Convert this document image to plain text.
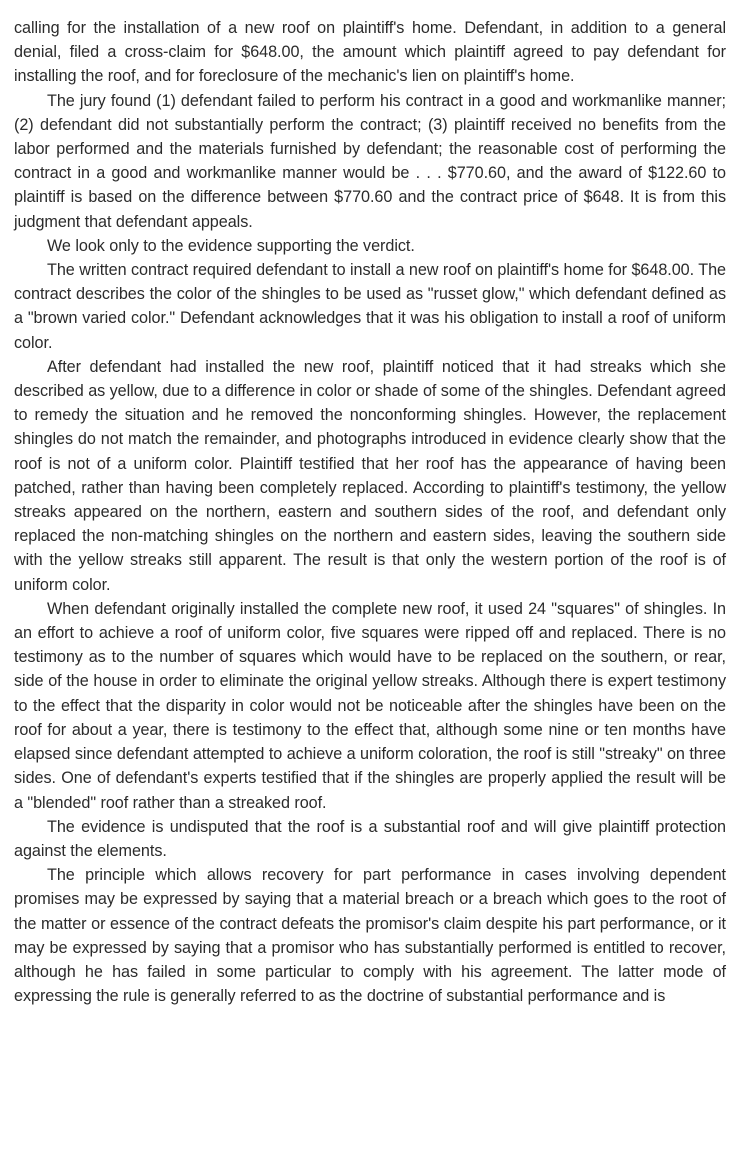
calling for the installation of a new roof on plaintiff's home. Defendant, in addition to a general denial, filed a cross-claim for $648.00, the amount which plaintiff agreed to pay defendant for installing the roof, and for foreclosure of the mechanic's lien on plaintiff's home.

The jury found (1) defendant failed to perform his contract in a good and workmanlike manner; (2) defendant did not substantially perform the contract; (3) plaintiff received no benefits from the labor performed and the materials furnished by defendant; the reasonable cost of performing the contract in a good and workmanlike manner would be . . . $770.60, and the award of $122.60 to plaintiff is based on the difference between $770.60 and the contract price of $648. It is from this judgment that defendant appeals.

We look only to the evidence supporting the verdict.

The written contract required defendant to install a new roof on plaintiff's home for $648.00. The contract describes the color of the shingles to be used as "russet glow," which defendant defined as a "brown varied color." Defendant acknowledges that it was his obligation to install a roof of uniform color.

After defendant had installed the new roof, plaintiff noticed that it had streaks which she described as yellow, due to a difference in color or shade of some of the shingles. Defendant agreed to remedy the situation and he removed the nonconforming shingles. However, the replacement shingles do not match the remainder, and photographs introduced in evidence clearly show that the roof is not of a uniform color. Plaintiff testified that her roof has the appearance of having been patched, rather than having been completely replaced. According to plaintiff's testimony, the yellow streaks appeared on the northern, eastern and southern sides of the roof, and defendant only replaced the non-matching shingles on the northern and eastern sides, leaving the southern side with the yellow streaks still apparent. The result is that only the western portion of the roof is of uniform color.

When defendant originally installed the complete new roof, it used 24 "squares" of shingles. In an effort to achieve a roof of uniform color, five squares were ripped off and replaced. There is no testimony as to the number of squares which would have to be replaced on the southern, or rear, side of the house in order to eliminate the original yellow streaks. Although there is expert testimony to the effect that the disparity in color would not be noticeable after the shingles have been on the roof for about a year, there is testimony to the effect that, although some nine or ten months have elapsed since defendant attempted to achieve a uniform coloration, the roof is still "streaky" on three sides. One of defendant's experts testified that if the shingles are properly applied the result will be a "blended" roof rather than a streaked roof.

The evidence is undisputed that the roof is a substantial roof and will give plaintiff protection against the elements.

The principle which allows recovery for part performance in cases involving dependent promises may be expressed by saying that a material breach or a breach which goes to the root of the matter or essence of the contract defeats the promisor's claim despite his part performance, or it may be expressed by saying that a promisor who has substantially performed is entitled to recover, although he has failed in some particular to comply with his agreement. The latter mode of expressing the rule is generally referred to as the doctrine of substantial performance and is
